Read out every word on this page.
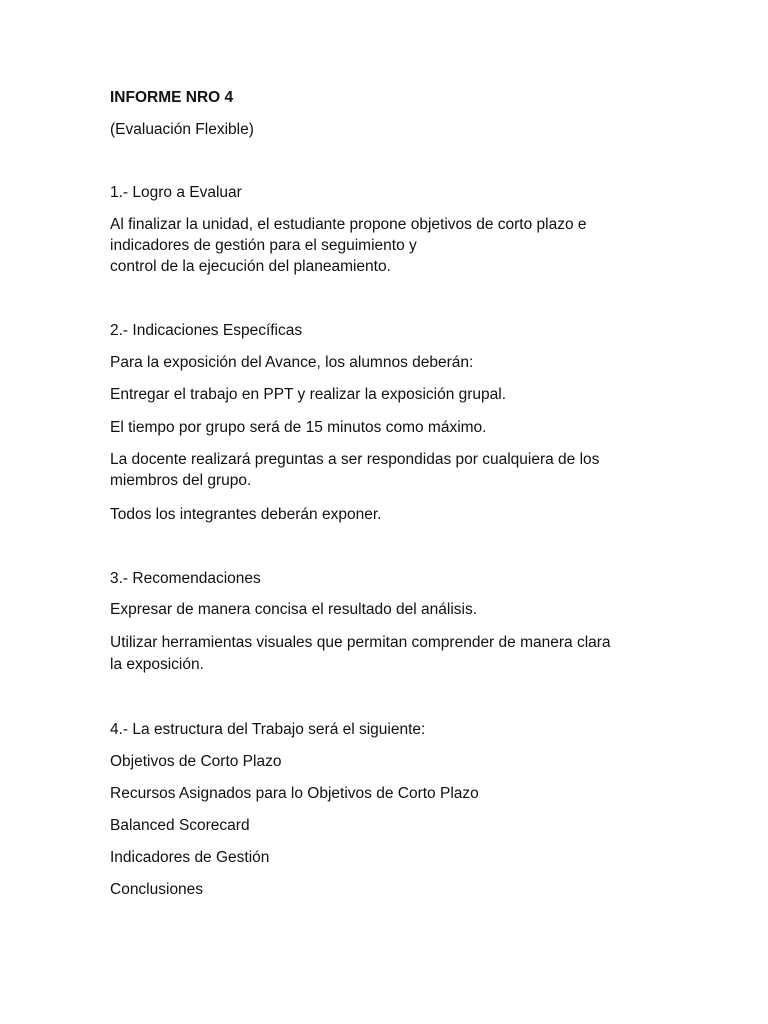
INFORME NRO 4

(Evaluación Flexible)

1.- Logro a Evaluar

Al finalizar la unidad, el estudiante propone objetivos de corto plazo e

indicadores de gestión para el seguimiento y

control de la ejecución del planeamiento.

2.- Indicaciones Específicas

Para la exposición del Avance, los alumnos deberán:

Entregar el trabajo en PPT y realizar la exposición grupal.

El tiempo por grupo será de 15 minutos como máximo.

La docente realizará preguntas a ser respondidas por cualquiera de los

miembros del grupo.

Todos los integrantes deberán exponer.

3.- Recomendaciones

Expresar de manera concisa el resultado del análisis.

Utilizar herramientas visuales que permitan comprender de manera clara

la exposición.

4.- La estructura del Trabajo será el siguiente:

Objetivos de Corto Plazo

Recursos Asignados para lo Objetivos de Corto Plazo

Balanced Scorecard

Indicadores de Gestión

Conclusiones
